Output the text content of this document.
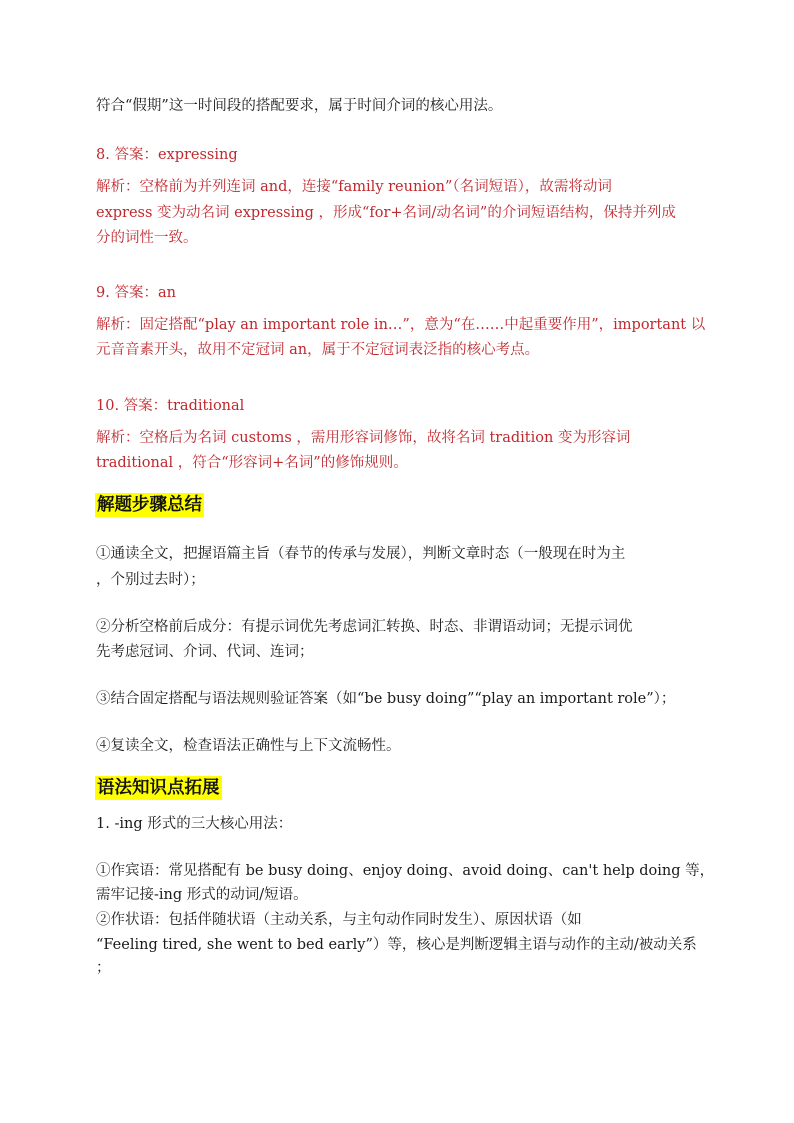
符合“假期”这一时间段的搭配要求，属于时间介词的核心用法。
8. 答案：expressing
解析：空格前为并列连词 and，连接“family reunion”（名词短语），故需将动词
express 变为动名词 expressing ，形成“for+名词/动名词”的介词短语结构，保持并列成
分的词性一致。
9. 答案：an
解析：固定搭配“play an important role in…”，意为“在……中起重要作用”，important 以
元音音素开头，故用不定冠词 an，属于不定冠词表泛指的核心考点。
10. 答案：traditional
解析：空格后为名词 customs ，需用形容词修饰，故将名词 tradition 变为形容词
traditional ，符合“形容词+名词”的修饰规则。
解题步骤总结
①通读全文，把握语篇主旨（春节的传承与发展），判断文章时态（一般现在时为主
，个别过去时）；
②分析空格前后成分：有提示词优先考虑词汇转换、时态、非谓语动词；无提示词优
先考虑冠词、介词、代词、连词；
③结合固定搭配与语法规则验证答案（如“be busy doing”“play an important role”）；
④复读全文，检查语法正确性与上下文流畅性。
语法知识点拓展
1. -ing 形式的三大核心用法：
①作宾语：常见搭配有 be busy doing、enjoy doing、avoid doing、can't help doing 等，
需牢记接-ing 形式的动词/短语。
②作状语：包括伴随状语（主动关系，与主句动作同时发生）、原因状语（如
“Feeling tired, she went to bed early”）等，核心是判断逻辑主语与动作的主动/被动关系
；
